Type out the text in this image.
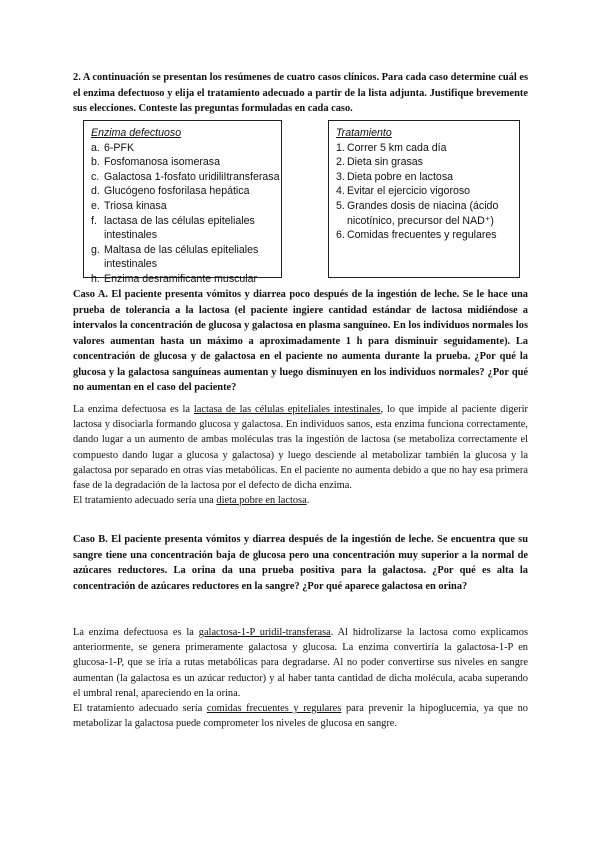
2. A continuación se presentan los resúmenes de cuatro casos clínicos. Para cada caso determine cuál es el enzima defectuoso y elija el tratamiento adecuado a partir de la lista adjunta. Justifique brevemente sus elecciones. Conteste las preguntas formuladas en cada caso.

Enzima defectuoso
a. 6-PFK
b. Fosfomanosa isomerasa
c. Galactosa 1-fosfato uridiliItransferasa
d. Glucógeno fosforilasa hepática
e. Triosa kinasa
f. lactasa de las células epiteliales intestinales
g. Maltasa de las células epiteliales intestinales
h. Enzima desramificante muscular
Tratamiento
1. Correr 5 km cada día
2. Dieta sin grasas
3. Dieta pobre en lactosa
4. Evitar el ejercicio vigoroso
5. Grandes dosis de niacina (ácido nicotínico, precursor del NAD⁺)
6. Comidas frecuentes y regulares

Caso A. El paciente presenta vómitos y diarrea poco después de la ingestión de leche. Se le hace una prueba de tolerancia a la lactosa (el paciente ingiere cantidad estándar de lactosa midiéndose a intervalos la concentración de glucosa y galactosa en plasma sanguíneo. En los individuos normales los valores aumentan hasta un máximo a aproximadamente 1 h para disminuir seguidamente). La concentración de glucosa y de galactosa en el paciente no aumenta durante la prueba. ¿Por qué la glucosa y la galactosa sanguíneas aumentan y luego disminuyen en los individuos normales? ¿Por qué no aumentan en el caso del paciente?

La enzima defectuosa es la lactasa de las células epiteliales intestinales, lo que impide al paciente digerir lactosa y disociarla formando glucosa y galactosa. En individuos sanos, esta enzima funciona correctamente, dando lugar a un aumento de ambas moléculas tras la ingestión de lactosa (se metaboliza correctamente el compuesto dando lugar a glucosa y galactosa) y luego desciende al metabolizar también la glucosa y la galactosa por separado en otras vías metabólicas. En el paciente no aumenta debido a que no hay esa primera fase de la degradación de la lactosa por el defecto de dicha enzima.

El tratamiento adecuado sería una dieta pobre en lactosa.

Caso B. El paciente presenta vómitos y diarrea después de la ingestión de leche. Se encuentra que su sangre tiene una concentración baja de glucosa pero una concentración muy superior a la normal de azúcares reductores. La orina da una prueba positiva para la galactosa. ¿Por qué es alta la concentración de azúcares reductores en la sangre? ¿Por qué aparece galactosa en orina?

La enzima defectuosa es la galactosa-1-P uridil-transferasa. Al hidrolizarse la lactosa como explicamos anteriormente, se genera primeramente galactosa y glucosa. La enzima convertiría la galactosa-1-P en glucosa-1-P, que se iría a rutas metabólicas para degradarse. Al no poder convertirse sus niveles en sangre aumentan (la galactosa es un azúcar reductor) y al haber tanta cantidad de dicha molécula, acaba superando el umbral renal, apareciendo en la orina.

El tratamiento adecuado sería comidas frecuentes y regulares para prevenir la hipoglucemia, ya que no metabolizar la galactosa puede comprometer los niveles de glucosa en sangre.
